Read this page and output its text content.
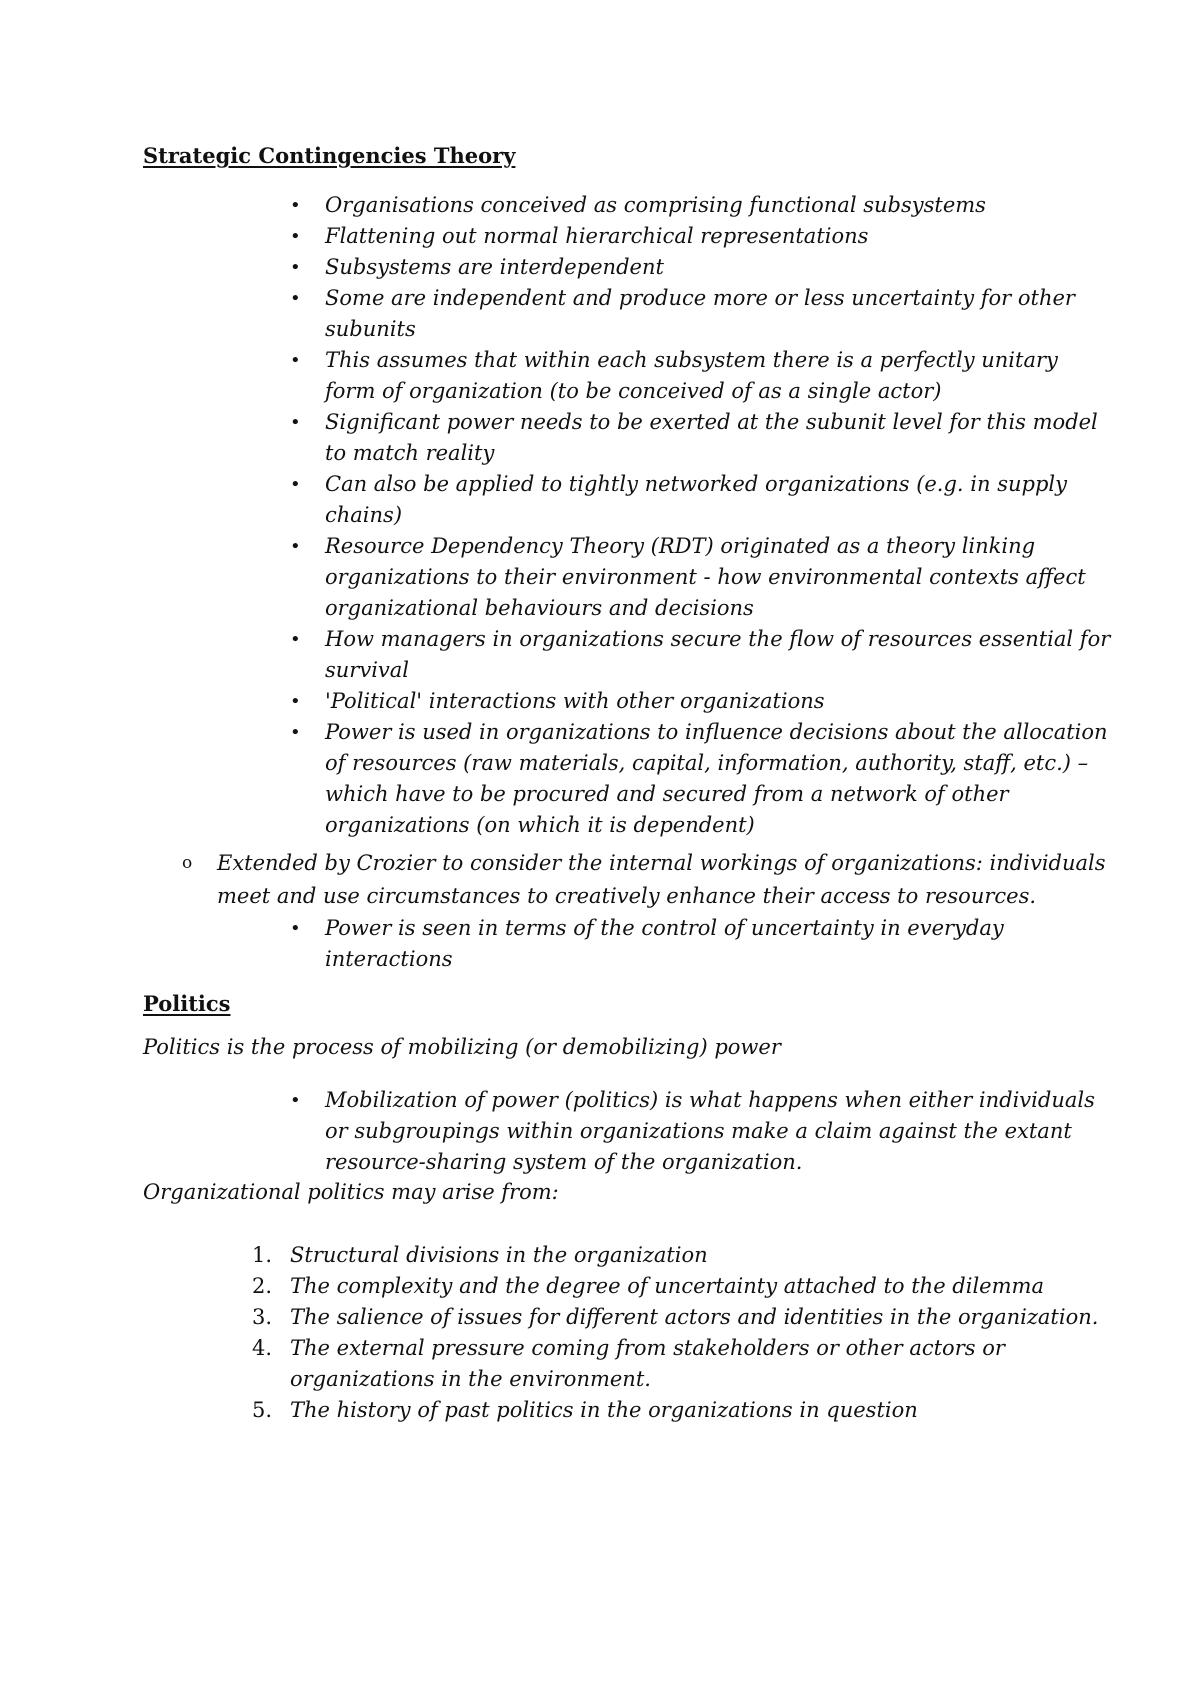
Strategic Contingencies Theory
• Organisations conceived as comprising functional subsystems
• Flattening out normal hierarchical representations
• Subsystems are interdependent
• Some are independent and produce more or less uncertainty for other
subunits
• This assumes that within each subsystem there is a perfectly unitary
form of organization (to be conceived of as a single actor)
• Significant power needs to be exerted at the subunit level for this model
to match reality
• Can also be applied to tightly networked organizations (e.g. in supply
chains)
• Resource Dependency Theory (RDT) originated as a theory linking
organizations to their environment - how environmental contexts affect
organizational behaviours and decisions
• How managers in organizations secure the flow of resources essential for
survival
• 'Political' interactions with other organizations
• Power is used in organizations to influence decisions about the allocation
of resources (raw materials, capital, information, authority, staff, etc.) –
which have to be procured and secured from a network of other
organizations (on which it is dependent)
o Extended by Crozier to consider the internal workings of organizations: individuals
meet and use circumstances to creatively enhance their access to resources.
• Power is seen in terms of the control of uncertainty in everyday
interactions
Politics
Politics is the process of mobilizing (or demobilizing) power
• Mobilization of power (politics) is what happens when either individuals
or subgroupings within organizations make a claim against the extant
resource-sharing system of the organization.
Organizational politics may arise from:
1. Structural divisions in the organization
2. The complexity and the degree of uncertainty attached to the dilemma
3. The salience of issues for different actors and identities in the organization.
4. The external pressure coming from stakeholders or other actors or
organizations in the environment.
5. The history of past politics in the organizations in question
